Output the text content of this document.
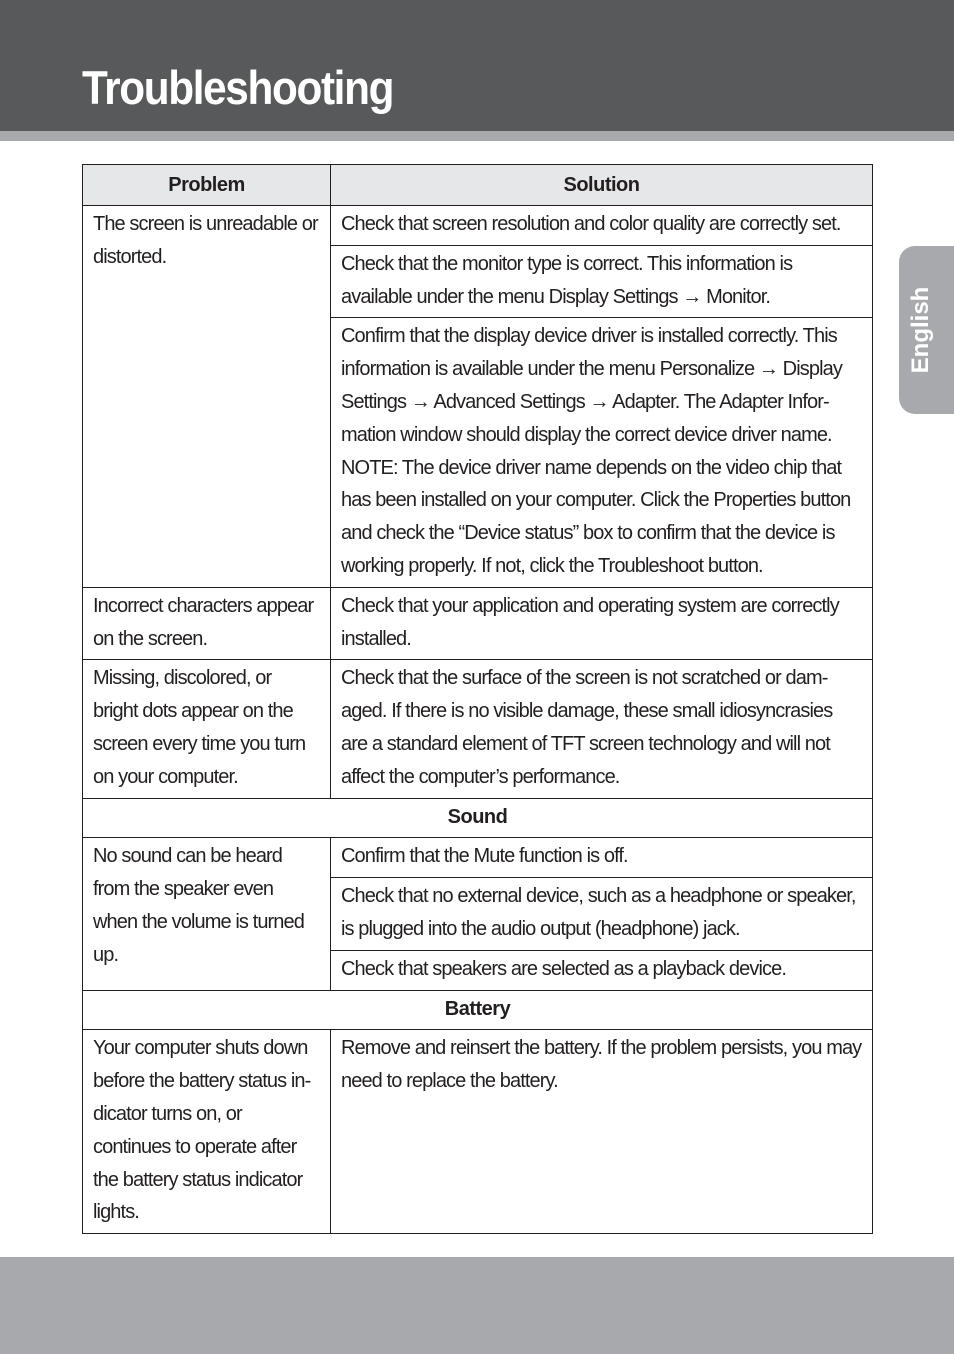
Troubleshooting
English
Problem	Solution
The screen is unreadable or distorted.	Check that screen resolution and color quality are correctly set.
	Check that the monitor type is correct. This information is available under the menu Display Settings → Monitor.
	Confirm that the display device driver is installed correctly. This information is available under the menu Personalize → Display Settings → Advanced Settings → Adapter. The Adapter Infor-mation window should display the correct device driver name. NOTE: The device driver name depends on the video chip that has been installed on your computer. Click the Properties button and check the “Device status” box to confirm that the device is working properly. If not, click the Troubleshoot button.
Incorrect characters appear on the screen.	Check that your application and operating system are correctly installed.
Missing, discolored, or bright dots appear on the screen every time you turn on your computer.	Check that the surface of the screen is not scratched or dam-aged. If there is no visible damage, these small idiosyncrasies are a standard element of TFT screen technology and will not affect the computer’s performance.
Sound	
No sound can be heard from the speaker even when the volume is turned up.	Confirm that the Mute function is off.
	Check that no external device, such as a headphone or speaker, is plugged into the audio output (headphone) jack.
	Check that speakers are selected as a playback device.
Battery	
Your computer shuts down before the battery status in-dicator turns on, or continues to operate after the battery status indicator lights.	Remove and reinsert the battery. If the problem persists, you may need to replace the battery.
